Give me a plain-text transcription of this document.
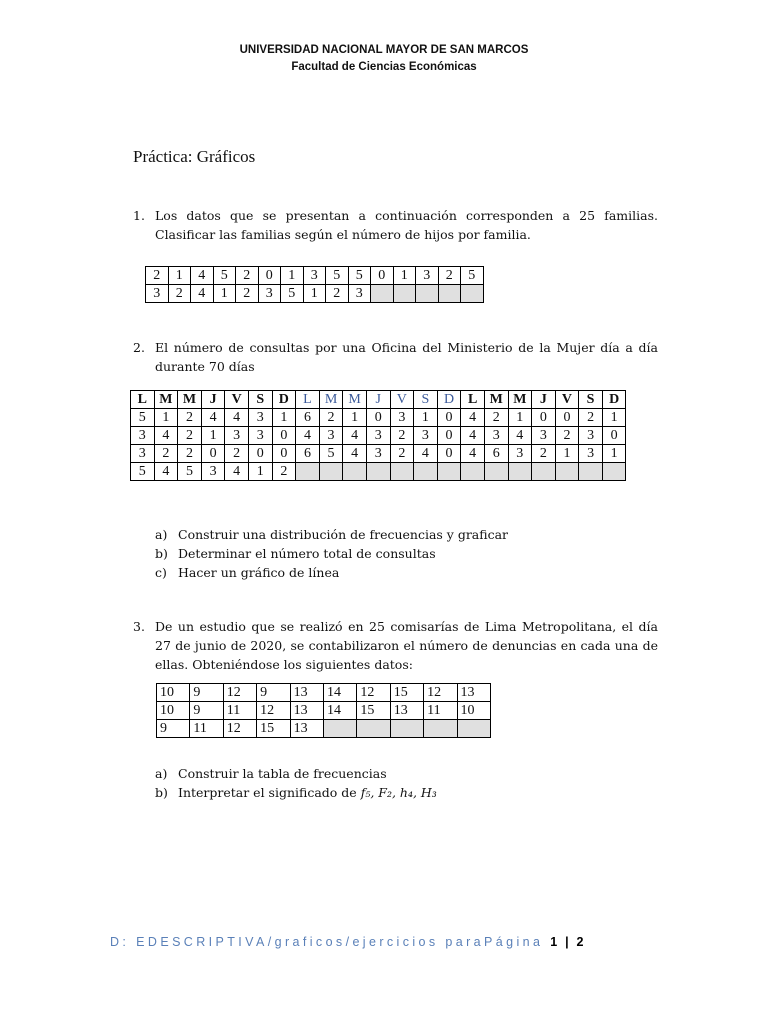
UNIVERSIDAD NACIONAL MAYOR DE SAN MARCOS
Facultad de Ciencias Económicas
Práctica: Gráficos
1. Los datos que se presentan a continuación corresponden a 25 familias. Clasificar las familias según el número de hijos por familia.
2	1	4	5	2	0	1	3	5	5	0	1	3	2	5
3	2	4	1	2	3	5	1	2	3					
2. El número de consultas por una Oficina del Ministerio de la Mujer día a día durante 70 días
L	M	M	J	V	S	D	L	M	M	J	V	S	D	L	M	M	J	V	S	D
5	1	2	4	4	3	1	6	2	1	0	3	1	0	4	2	1	0	0	2	1
3	4	2	1	3	3	0	4	3	4	3	2	3	0	4	3	4	3	2	3	0
3	2	2	0	2	0	0	6	5	4	3	2	4	0	4	6	3	2	1	3	1
5	4	5	3	4	1	2														
a) Construir una distribución de frecuencias y graficar
b) Determinar el número total de consultas
c) Hacer un gráfico de línea
3. De un estudio que se realizó en 25 comisarías de Lima Metropolitana, el día 27 de junio de 2020, se contabilizaron el número de denuncias en cada una de ellas. Obteniéndose los siguientes datos:
10	9	12	9	13	14	12	15	12	13
10	9	11	12	13	14	15	13	11	10
9	11	12	15	13					
a) Construir la tabla de frecuencias
b) Interpretar el significado de f₅, F₂, h₄, H₃
D: EDESCRIPTIVA/graficos/ejercicios paraPágina 1 | 2
